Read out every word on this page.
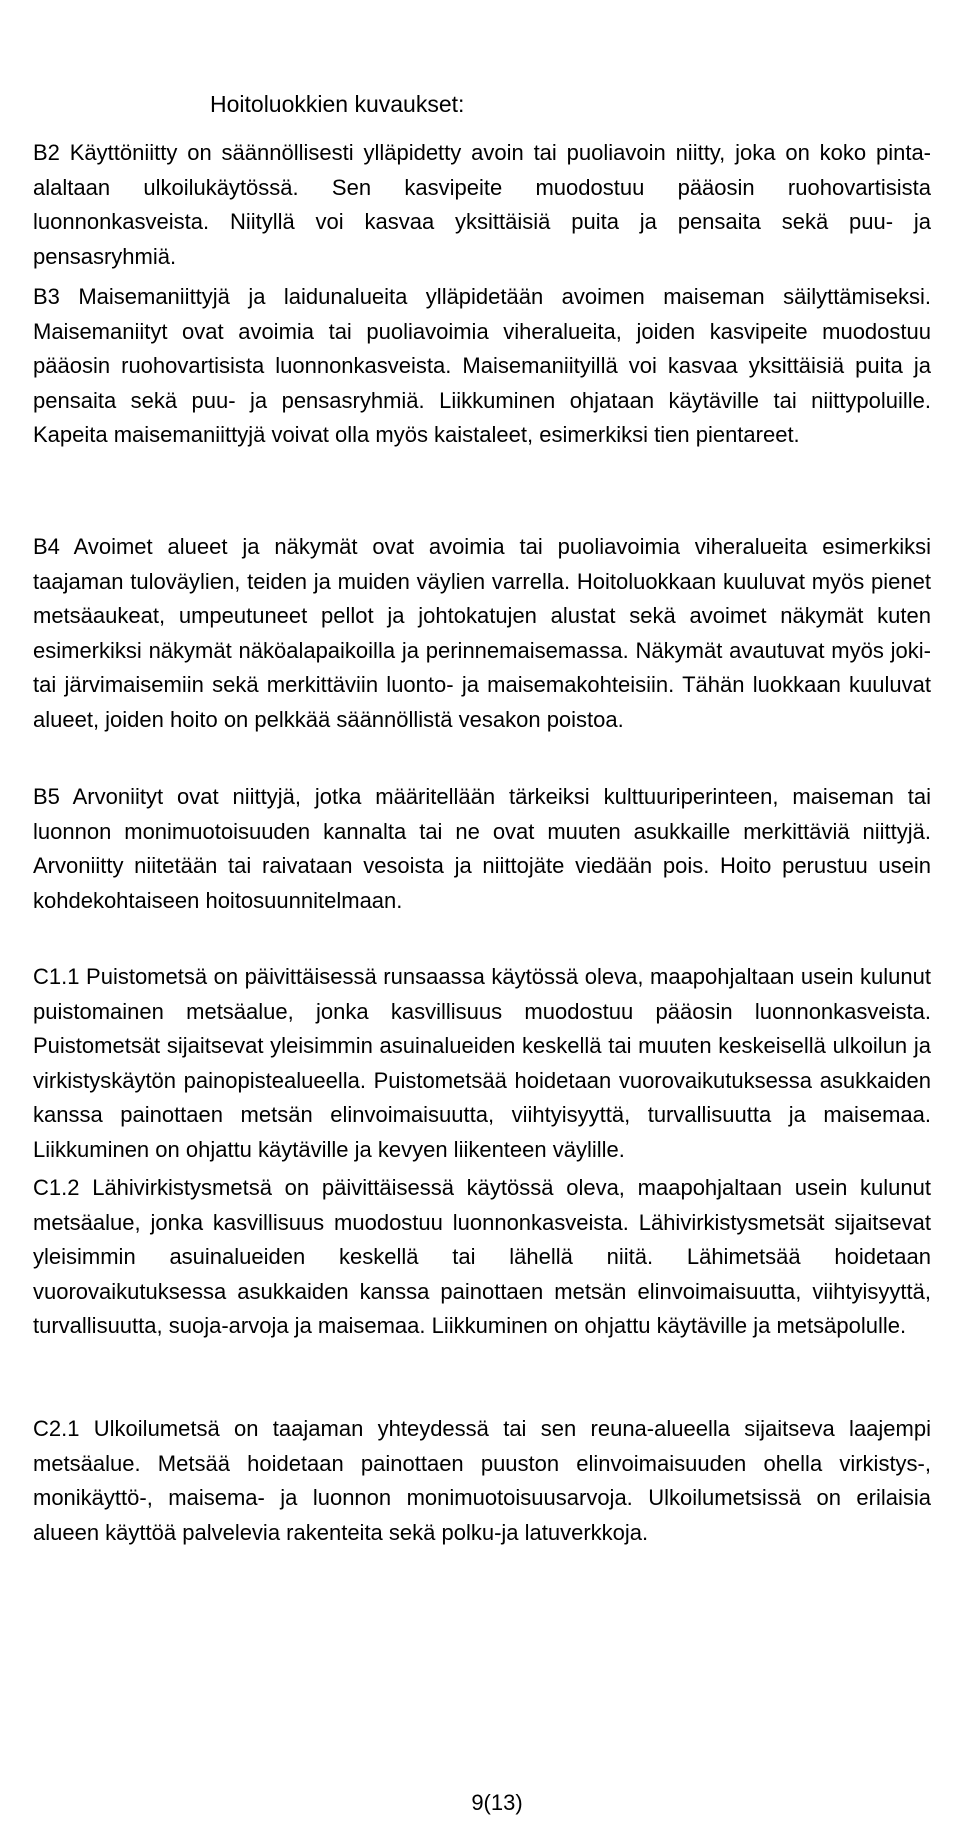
KULOSAAREN ALSUN LUONNONHOIDON OSIO 23.2.2015
Hoitoluokkien kuvaukset:

B2 Käyttöniitty on säännöllisesti ylläpidetty avoin tai puoliavoin niitty, joka on koko pinta-alaltaan ulkoilukäytössä. Sen kasvipeite muodostuu pääosin ruohovartisista luonnonkasveista. Niityllä voi kasvaa yksittäisiä puita ja pensaita sekä puu- ja pensasryhmiä.

B3 Maisemaniittyjä ja laidunalueita ylläpidetään avoimen maiseman säilyttämiseksi. Maisemaniityt ovat avoimia tai puoliavoimia viheralueita, joiden kasvipeite muodostuu pääosin ruohovartisista luonnonkasveista. Maisemaniityillä voi kasvaa yksittäisiä puita ja pensaita sekä puu- ja pensasryhmiä. Liikkuminen ohjataan käytäville tai niittypoluille. Kapeita maisemaniittyjä voivat olla myös kaistaleet, esimerkiksi tien pientareet.

B4 Avoimet alueet ja näkymät ovat avoimia tai puoliavoimia viheralueita esimerkiksi taajaman tuloväylien, teiden ja muiden väylien varrella. Hoitoluokkaan kuuluvat myös pienet metsäaukeat, umpeutuneet pellot ja johtokatujen alustat sekä avoimet näkymät kuten esimerkiksi näkymät näköalapaikoilla ja perinnemaisemassa. Näkymät avautuvat myös joki- tai järvimaisemiin sekä merkittäviin luonto- ja maisemakohteisiin. Tähän luokkaan kuuluvat alueet, joiden hoito on pelkkää säännöllistä vesakon poistoa.

B5 Arvoniityt ovat niittyjä, jotka määritellään tärkeiksi kulttuuriperinteen, maiseman tai luonnon monimuotoisuuden kannalta tai ne ovat muuten asukkaille merkittäviä niittyjä. Arvoniitty niitetään tai raivataan vesoista ja niittojäte viedään pois. Hoito perustuu usein kohdekohtaiseen hoitosuunnitelmaan.

C1.1 Puistometsä on päivittäisessä runsaassa käytössä oleva, maapohjaltaan usein kulunut puistomainen metsäalue, jonka kasvillisuus muodostuu pääosin luonnonkasveista. Puistometsät sijaitsevat yleisimmin asuinalueiden keskellä tai muuten keskeisellä ulkoilun ja virkistyskäytön painopistealueella. Puistometsää hoidetaan vuorovaikutuksessa asukkaiden kanssa painottaen metsän elinvoimaisuutta, viihtyisyyttä, turvallisuutta ja maisemaa. Liikkuminen on ohjattu käytäville ja kevyen liikenteen väylille.

C1.2 Lähivirkistysmetsä on päivittäisessä käytössä oleva, maapohjaltaan usein kulunut metsäalue, jonka kasvillisuus muodostuu luonnonkasveista. Lähivirkistysmetsät sijaitsevat yleisimmin asuinalueiden keskellä tai lähellä niitä. Lähimetsää hoidetaan vuorovaikutuksessa asukkaiden kanssa painottaen metsän elinvoimaisuutta, viihtyisyyttä, turvallisuutta, suoja-arvoja ja maisemaa. Liikkuminen on ohjattu käytäville ja metsäpolulle.

C2.1 Ulkoilumetsä on taajaman yhteydessä tai sen reuna-alueella sijaitseva laajempi metsäalue. Metsää hoidetaan painottaen puuston elinvoimaisuuden ohella virkistys-, monikäyttö-, maisema- ja luonnon monimuotoisuusarvoja. Ulkoilumetsissä on erilaisia alueen käyttöä palvelevia rakenteita sekä polku-ja latuverkkoja.

9(13)
